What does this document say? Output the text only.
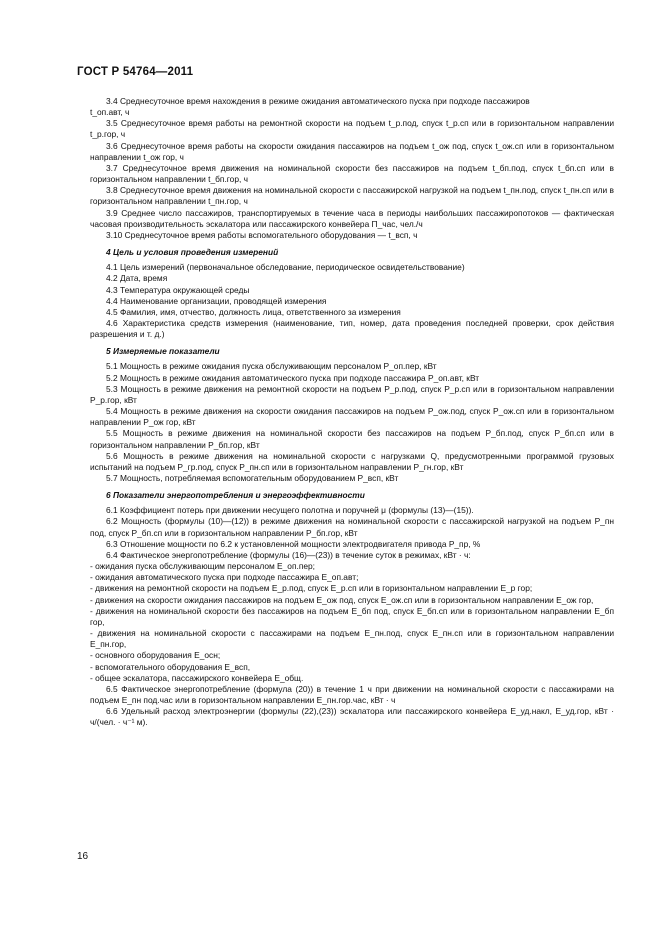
ГОСТ Р 54764—2011

3.4 Среднесуточное время нахождения в режиме ожидания автоматического пуска при подходе пассажиров

t_оп.авт, ч

3.5 Среднесуточное время работы на ремонтной скорости на подъем t_р.под, спуск t_р.сп или в горизонтальном направлении t_р.гор, ч

3.6 Среднесуточное время работы на скорости ожидания пассажиров на подъем t_ож под, спуск t_ож.сп или в горизонтальном направлении t_ож гор, ч

3.7 Среднесуточное время движения на номинальной скорости без пассажиров на подъем t_бп.под, спуск t_бп.сп или в горизонтальном направлении t_бп.гор, ч

3.8 Среднесуточное время движения на номинальной скорости с пассажирской нагрузкой на подъем t_пн.под, спуск t_пн.сп или в горизонтальном направлении t_пн.гор, ч

3.9 Среднее число пассажиров, транспортируемых в течение часа в периоды наибольших пассажиропотоков — фактическая часовая производительность эскалатора или пассажирского конвейера П_час, чел./ч

3.10 Среднесуточное время работы вспомогательного оборудования — t_всп, ч

4 Цель и условия проведения измерений

4.1 Цель измерений (первоначальное обследование, периодическое освидетельствование)

4.2 Дата, время

4.3 Температура окружающей среды

4.4 Наименование организации, проводящей измерения

4.5 Фамилия, имя, отчество, должность лица, ответственного за измерения

4.6 Характеристика средств измерения (наименование, тип, номер, дата проведения последней проверки, срок действия разрешения и т. д.)

5 Измеряемые показатели

5.1 Мощность в режиме ожидания пуска обслуживающим персоналом P_оп.пер, кВт

5.2 Мощность в режиме ожидания автоматического пуска при подходе пассажира P_оп.авт, кВт

5.3 Мощность в режиме движения на ремонтной скорости на подъем P_р.под, спуск P_р.сп или в горизонтальном направлении P_р.гор, кВт

5.4 Мощность в режиме движения на скорости ожидания пассажиров на подъем P_ож.под, спуск P_ож.сп или в горизонтальном направлении P_ож гор, кВт

5.5 Мощность в режиме движения на номинальной скорости без пассажиров на подъем P_бп.под, спуск P_бп.сп или в горизонтальном направлении P_бп.гор, кВт

5.6 Мощность в режиме движения на номинальной скорости с нагрузками Q, предусмотренными программой грузовых испытаний на подъем P_гр.под, спуск P_пн.сп или в горизонтальном направлении P_гн.гор, кВт

5.7 Мощность, потребляемая вспомогательным оборудованием P_всп, кВт

6 Показатели энергопотребления и энергоэффективности

6.1 Коэффициент потерь при движении несущего полотна и поручней μ (формулы (13)—(15)).

6.2 Мощность (формулы (10)—(12)) в режиме движения на номинальной скорости с пассажирской нагрузкой на подъем P_пн под, спуск P_бп.сп или в горизонтальном направлении P_бп.гор, кВт

6.3 Отношение мощности по 6.2 к установленной мощности электродвигателя привода P_пр, %

6.4 Фактическое энергопотребление (формулы (16)—(23)) в течение суток в режимах, кВт · ч:

- ожидания пуска обслуживающим персоналом E_оп.пер;

- ожидания автоматического пуска при подходе пассажира E_оп.авт;

- движения на ремонтной скорости на подъем E_р.под, спуск E_р.сп или в горизонтальном направлении E_р гор;

- движения на скорости ожидания пассажиров на подъем E_ож под, спуск E_ож.сп или в горизонтальном направлении E_ож гор,

- движения на номинальной скорости без пассажиров на подъем E_бп под, спуск E_бп.сп или в горизонтальном направлении E_бп гор,

- движения на номинальной скорости с пассажирами на подъем E_пн.под, спуск E_пн.сп или в горизонтальном направлении E_пн.гор,

- основного оборудования E_осн;

- вспомогательного оборудования E_всп,

- общее эскалатора, пассажирского конвейера E_общ.

6.5 Фактическое энергопотребление (формула (20)) в течение 1 ч при движении на номинальной скорости с пассажирами на подъем E_пн под.час или в горизонтальном направлении E_пн.гор.час, кВт · ч

6.6 Удельный расход электроэнергии (формулы (22),(23)) эскалатора или пассажирского конвейера E_уд.накл, E_уд.гор, кВт · ч/(чел. · ч⁻¹ м).

16
